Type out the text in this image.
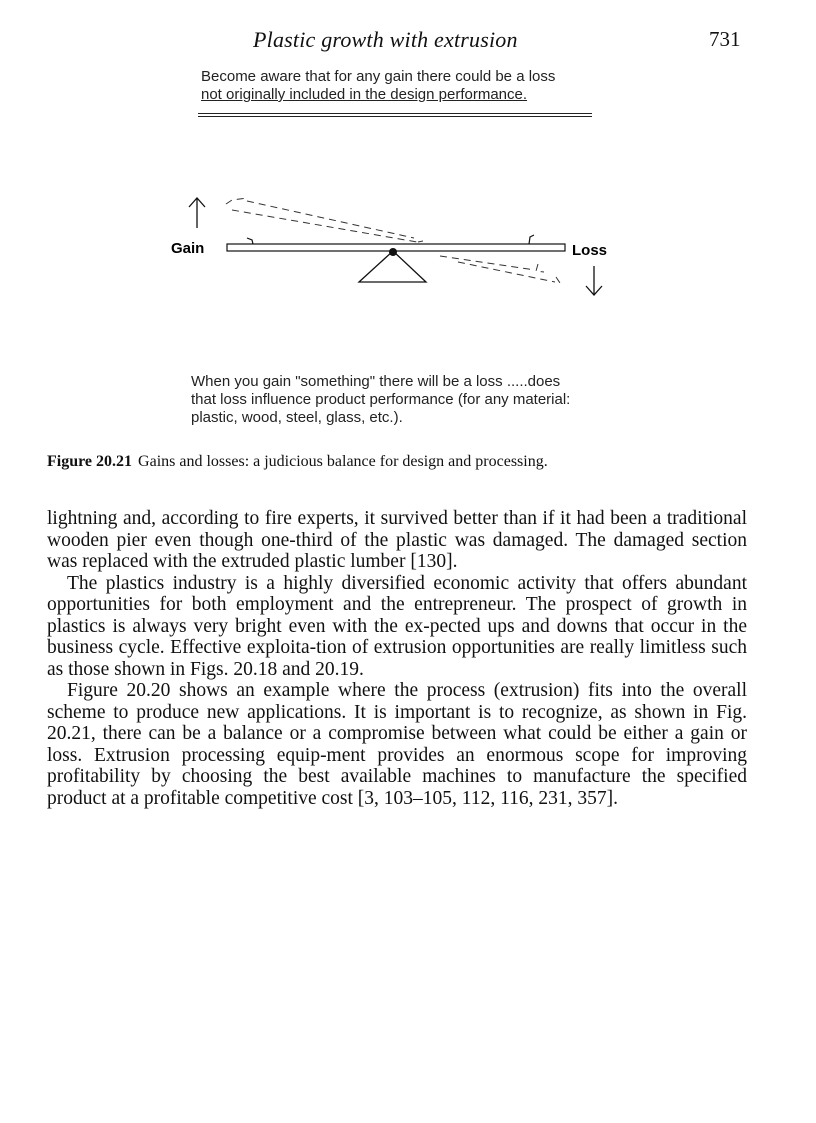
Plastic growth with extrusion	731
Become aware that for any gain there could be a loss
not originally included in the design performance.
Gain	Loss
When you gain "something" there will be a loss .....does
that loss influence product performance (for any material:
plastic, wood, steel, glass, etc.).
Figure 20.21 Gains and losses: a judicious balance for design and processing.

lightning and, according to fire experts, it survived better than if it had been a traditional wooden pier even though one-third of the plastic was damaged. The damaged section was replaced with the extruded plastic lumber [130].

The plastics industry is a highly diversified economic activity that offers abundant opportunities for both employment and the entrepreneur. The prospect of growth in plastics is always very bright even with the ex-pected ups and downs that occur in the business cycle. Effective exploita-tion of extrusion opportunities are really limitless such as those shown in Figs. 20.18 and 20.19.

Figure 20.20 shows an example where the process (extrusion) fits into the overall scheme to produce new applications. It is important is to recognize, as shown in Fig. 20.21, there can be a balance or a compromise between what could be either a gain or loss. Extrusion processing equip-ment provides an enormous scope for improving profitability by choosing the best available machines to manufacture the specified product at a profitable competitive cost [3, 103–105, 112, 116, 231, 357].
